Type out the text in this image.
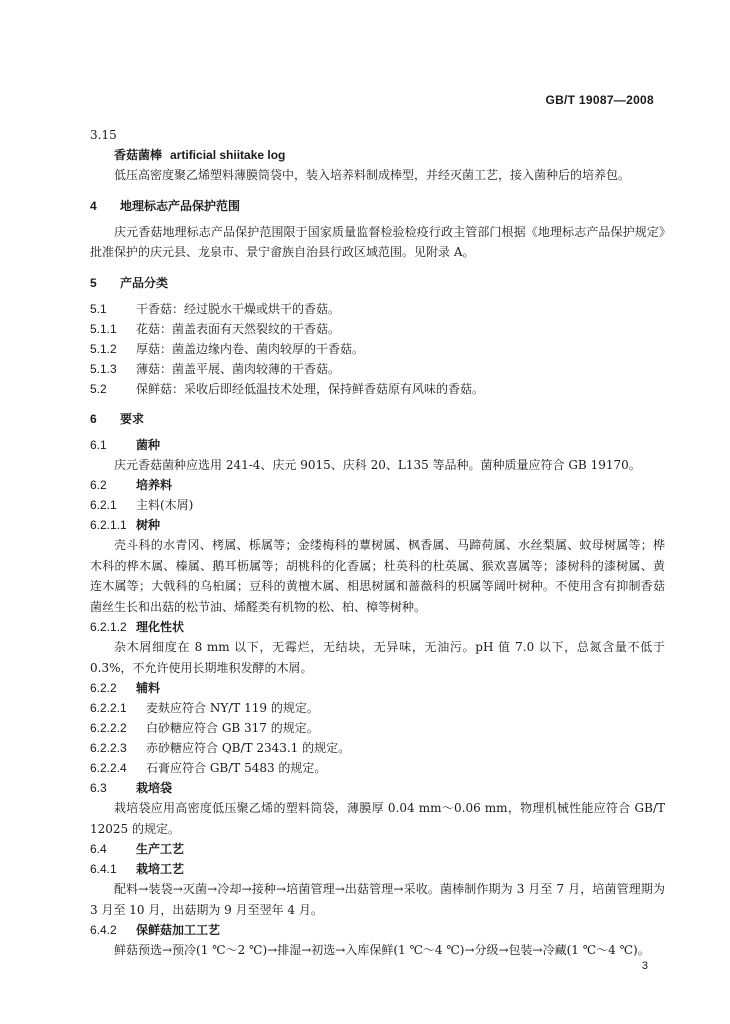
GB/T 19087—2008
3.15
香菇菌棒 artificial shiitake log
低压高密度聚乙烯塑料薄膜筒袋中，装入培养料制成棒型，并经灭菌工艺，接入菌种后的培养包。
4 地理标志产品保护范围
庆元香菇地理标志产品保护范围限于国家质量监督检验检疫行政主管部门根据《地理标志产品保护规定》批准保护的庆元县、龙泉市、景宁畲族自治县行政区域范围。见附录 A。
5 产品分类
5.1 干香菇：经过脱水干燥或烘干的香菇。
5.1.1 花菇：菌盖表面有天然裂纹的干香菇。
5.1.2 厚菇：菌盖边缘内卷、菌肉较厚的干香菇。
5.1.3 薄菇：菌盖平展、菌肉较薄的干香菇。
5.2 保鲜菇：采收后即经低温技术处理，保持鲜香菇原有风味的香菇。
6 要求
6.1 菌种
庆元香菇菌种应选用 241-4、庆元 9015、庆科 20、L135 等品种。菌种质量应符合 GB 19170。
6.2 培养料
6.2.1 主料(木屑)
6.2.1.1 树种
壳斗科的水青冈、栲属、栎属等；金缕梅科的蕈树属、枫香属、马蹄荷属、水丝梨属、蚊母树属等；桦木科的桦木属、榛属、鹅耳枥属等；胡桃科的化香属；杜英科的杜英属、猴欢喜属等；漆树科的漆树属、黄连木属等；大戟科的乌桕属；豆科的黄檀木属、相思树属和蔷薇科的枳属等阔叶树种。不使用含有抑制香菇菌丝生长和出菇的松节油、烯醛类有机物的松、柏、樟等树种。
6.2.1.2 理化性状
杂木屑细度在 8 mm 以下，无霉烂，无结块，无异味，无油污。pH 值 7.0 以下，总氮含量不低于 0.3%，不允许使用长期堆积发酵的木屑。
6.2.2 辅料
6.2.2.1 麦麸应符合 NY/T 119 的规定。
6.2.2.2 白砂糖应符合 GB 317 的规定。
6.2.2.3 赤砂糖应符合 QB/T 2343.1 的规定。
6.2.2.4 石膏应符合 GB/T 5483 的规定。
6.3 栽培袋
栽培袋应用高密度低压聚乙烯的塑料筒袋，薄膜厚 0.04 mm～0.06 mm，物理机械性能应符合 GB/T 12025 的规定。
6.4 生产工艺
6.4.1 栽培工艺
配料→装袋→灭菌→冷却→接种→培菌管理→出菇管理→采收。菌棒制作期为 3 月至 7 月，培菌管理期为 3 月至 10 月，出菇期为 9 月至翌年 4 月。
6.4.2 保鲜菇加工工艺
鲜菇预选→预冷(1 ℃～2 ℃)→排湿→初选→入库保鲜(1 ℃～4 ℃)→分级→包装→冷藏(1 ℃～4 ℃)。
3
